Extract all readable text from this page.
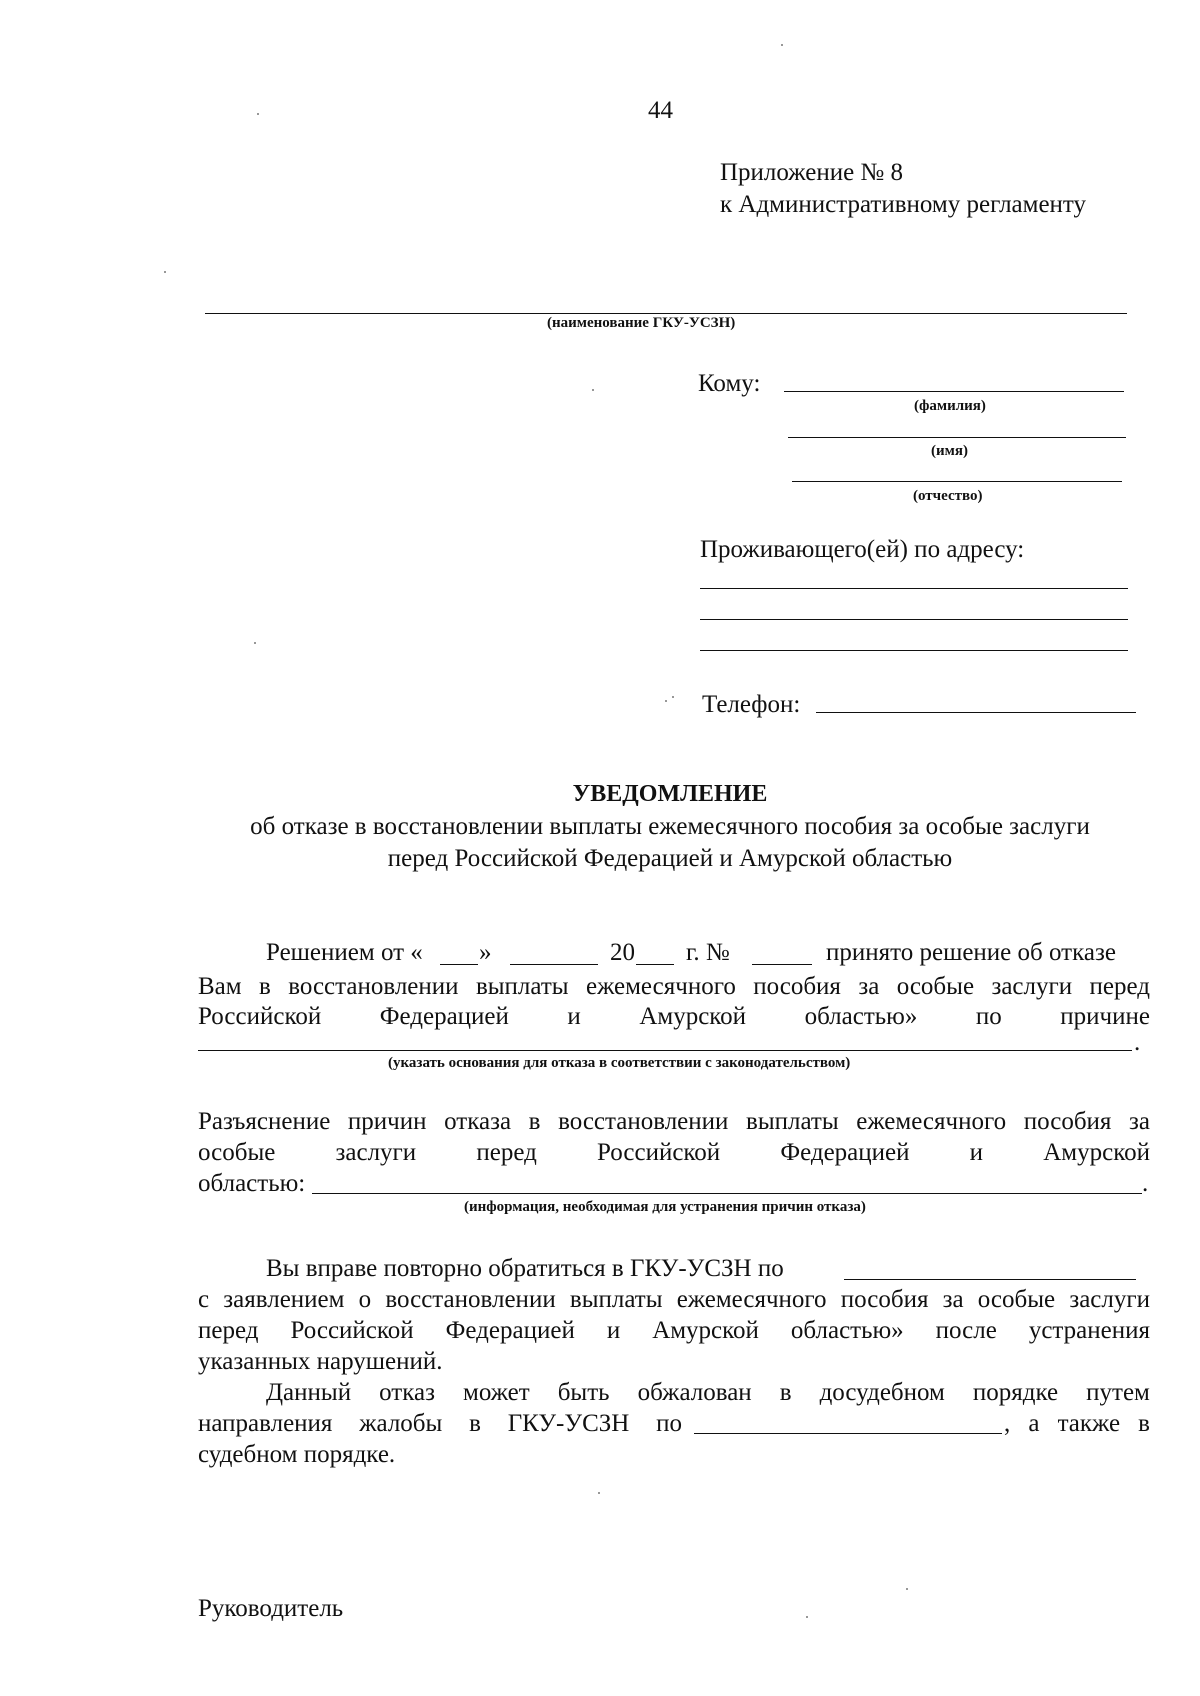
44
Приложение № 8
к Административному регламенту
(наименование ГКУ-УСЗН)
Кому:
(фамилия)
(имя)
(отчество)
Проживающего(ей) по адресу:
Телефон:
УВЕДОМЛЕНИЕ
об отказе в восстановлении выплаты ежемесячного пособия за особые заслуги
перед Российской Федерацией и Амурской областью
Решением от « »	20 г. №	принято решение об отказе
Вам в восстановлении выплаты ежемесячного пособия за особые заслуги перед
Российской Федерацией и Амурской областью» по причине
.
(указать основания для отказа в соответствии с законодательством)
Разъяснение причин отказа в восстановлении выплаты ежемесячного пособия за
особые заслуги перед Российской Федерацией и Амурской
областью:	.
(информация, необходимая для устранения причин отказа)
Вы вправе повторно обратиться в ГКУ-УСЗН по
с заявлением о восстановлении выплаты ежемесячного пособия за особые заслуги
перед Российской Федерацией и Амурской областью» после устранения
указанных нарушений.
Данный отказ может быть обжалован в досудебном порядке путем
направления жалобы в ГКУ-УСЗН по	, а также в
судебном порядке.
Руководитель
